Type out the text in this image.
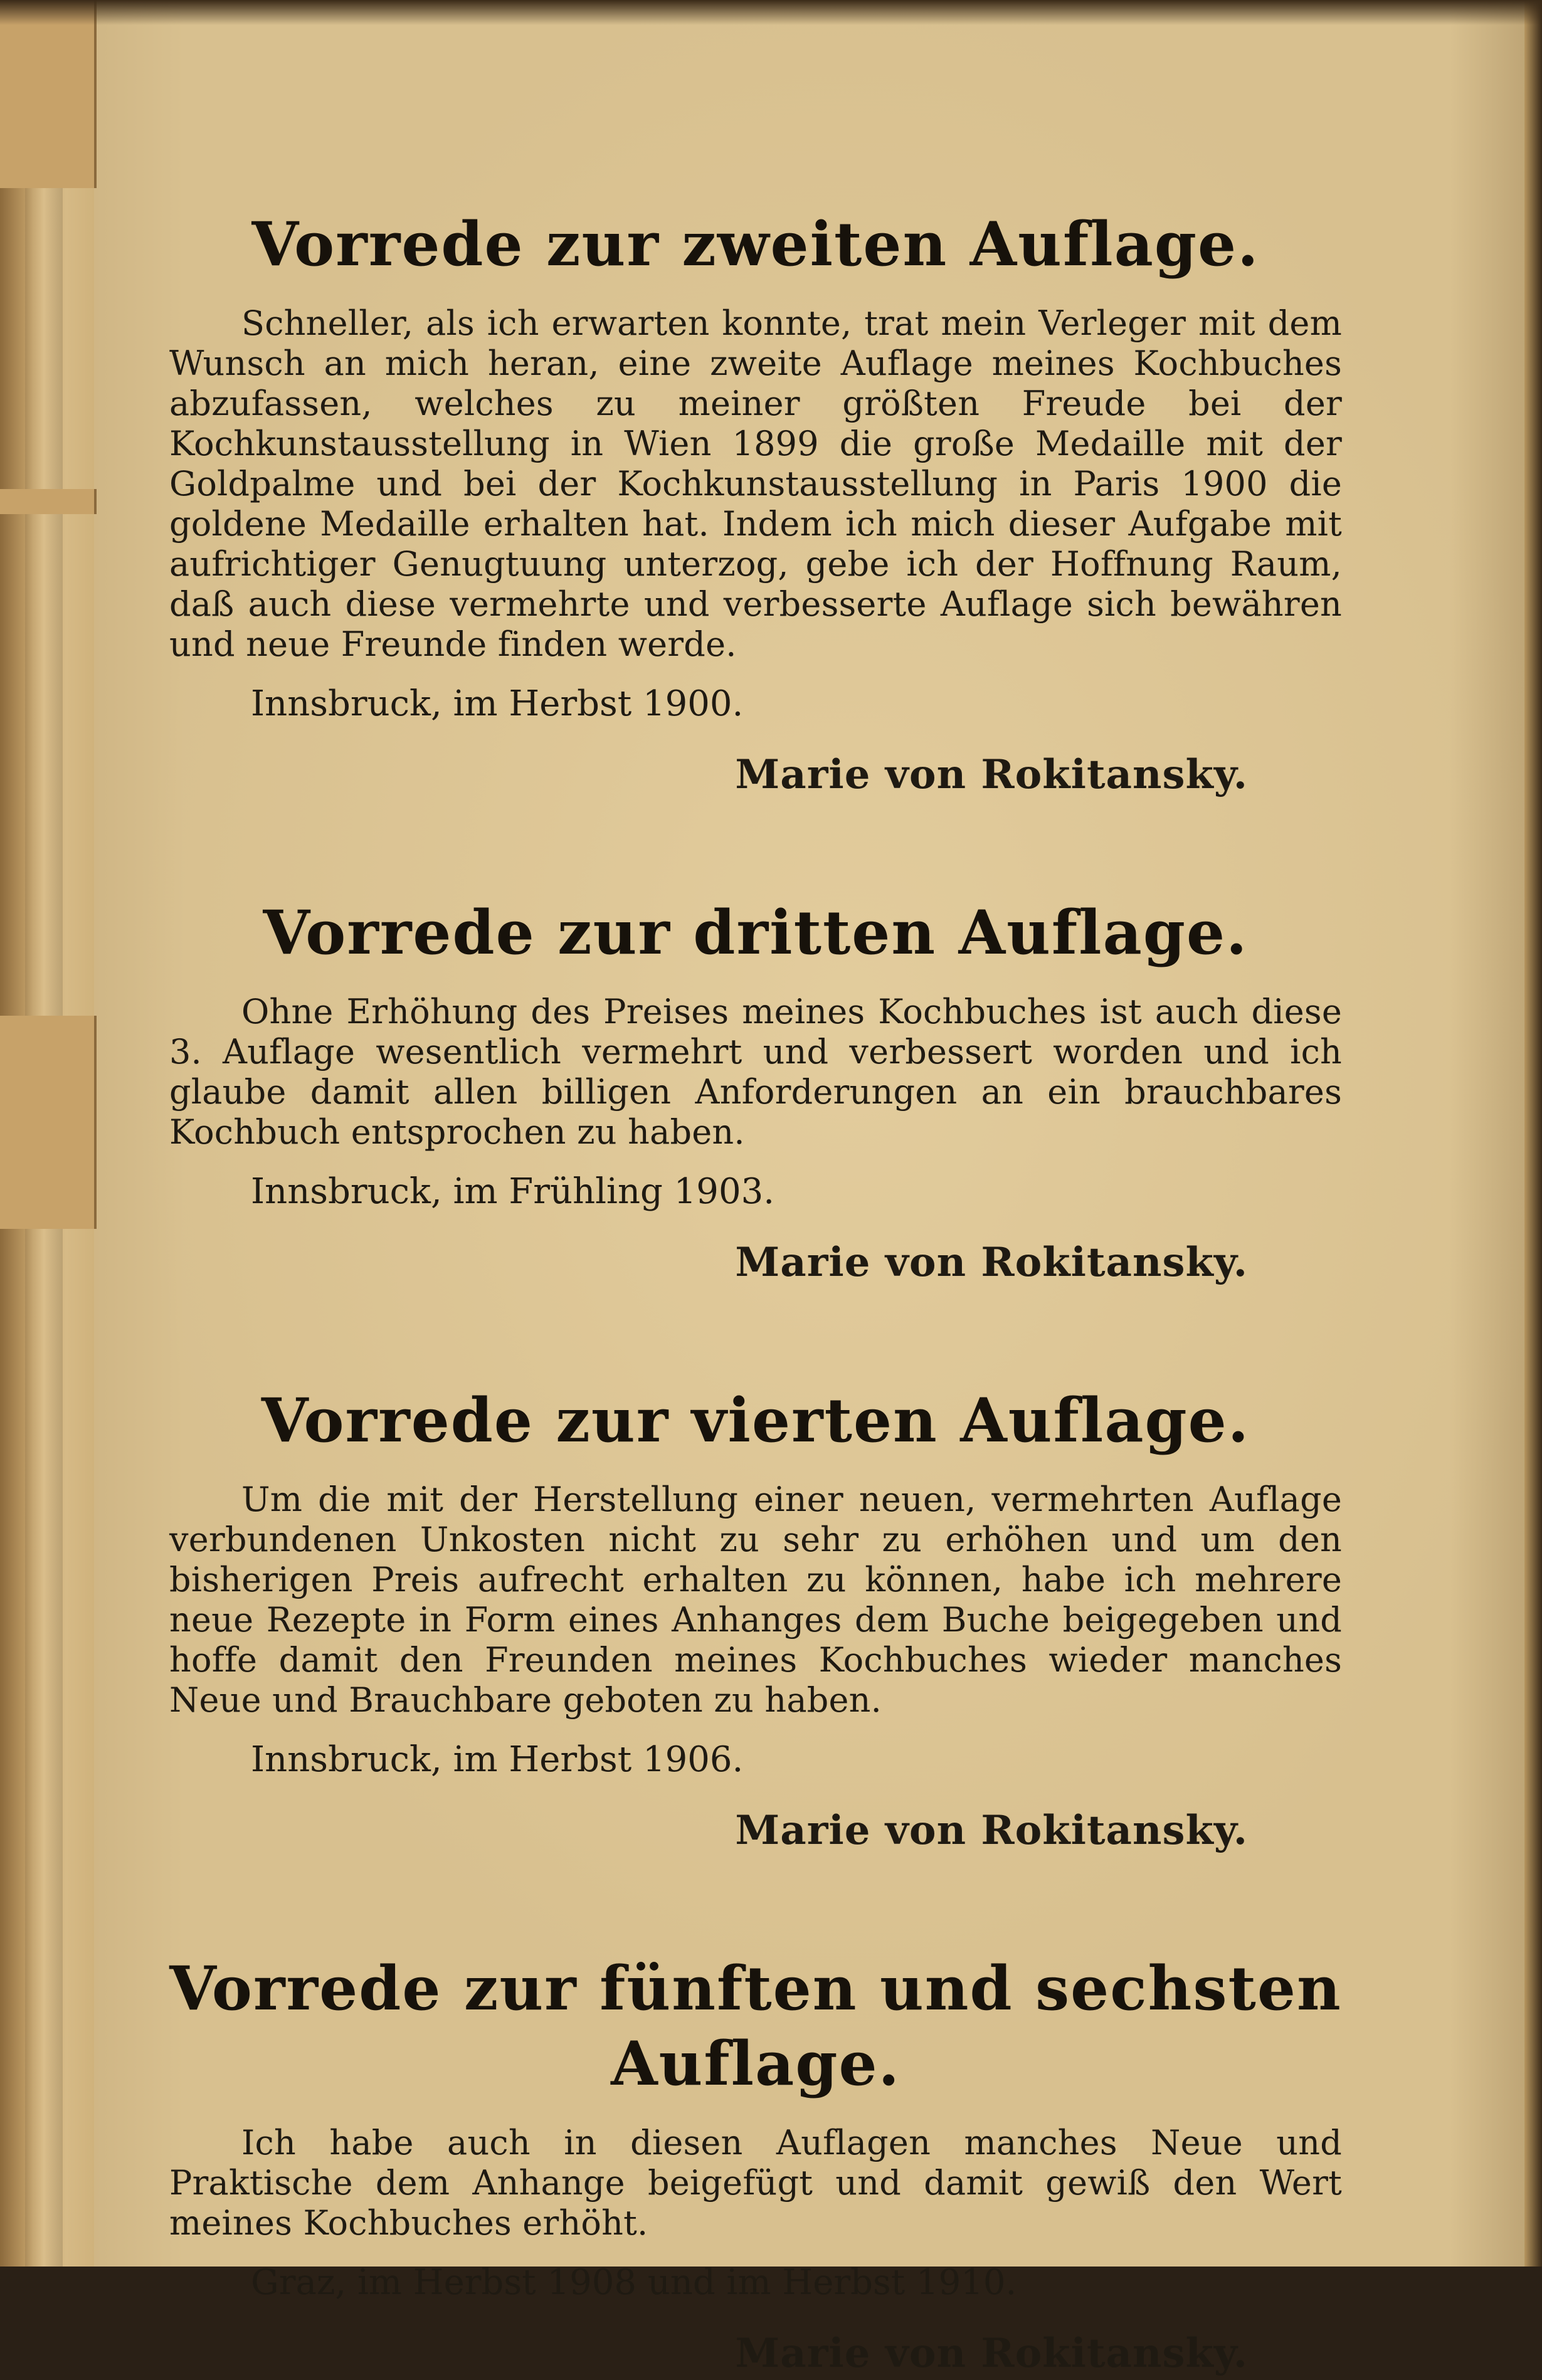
Vorrede zur zweiten Auflage.

Schneller, als ich erwarten konnte, trat mein Verleger mit dem Wunsch an mich heran, eine zweite Auflage meines Kochbuches abzufassen, welches zu meiner größten Freude bei der Kochkunstausstellung in Wien 1899 die große Medaille mit der Goldpalme und bei der Kochkunstausstellung in Paris 1900 die goldene Medaille erhalten hat. Indem ich mich dieser Aufgabe mit aufrichtiger Genugtuung unterzog, gebe ich der Hoffnung Raum, daß auch diese vermehrte und verbesserte Auflage sich bewähren und neue Freunde finden werde.

Innsbruck, im Herbst 1900.

Marie von Rokitansky.

Vorrede zur dritten Auflage.

Ohne Erhöhung des Preises meines Kochbuches ist auch diese 3. Auflage wesentlich vermehrt und verbessert worden und ich glaube damit allen billigen Anforderungen an ein brauchbares Kochbuch entsprochen zu haben.

Innsbruck, im Frühling 1903.

Marie von Rokitansky.

Vorrede zur vierten Auflage.

Um die mit der Herstellung einer neuen, vermehrten Auflage verbundenen Unkosten nicht zu sehr zu erhöhen und um den bisherigen Preis aufrecht erhalten zu können, habe ich mehrere neue Rezepte in Form eines Anhanges dem Buche beigegeben und hoffe damit den Freunden meines Kochbuches wieder manches Neue und Brauchbare geboten zu haben.

Innsbruck, im Herbst 1906.

Marie von Rokitansky.

Vorrede zur fünften und sechsten Auflage.

Ich habe auch in diesen Auflagen manches Neue und Praktische dem Anhange beigefügt und damit gewiß den Wert meines Kochbuches erhöht.

Graz, im Herbst 1908 und im Herbst 1910.

Marie von Rokitansky.
